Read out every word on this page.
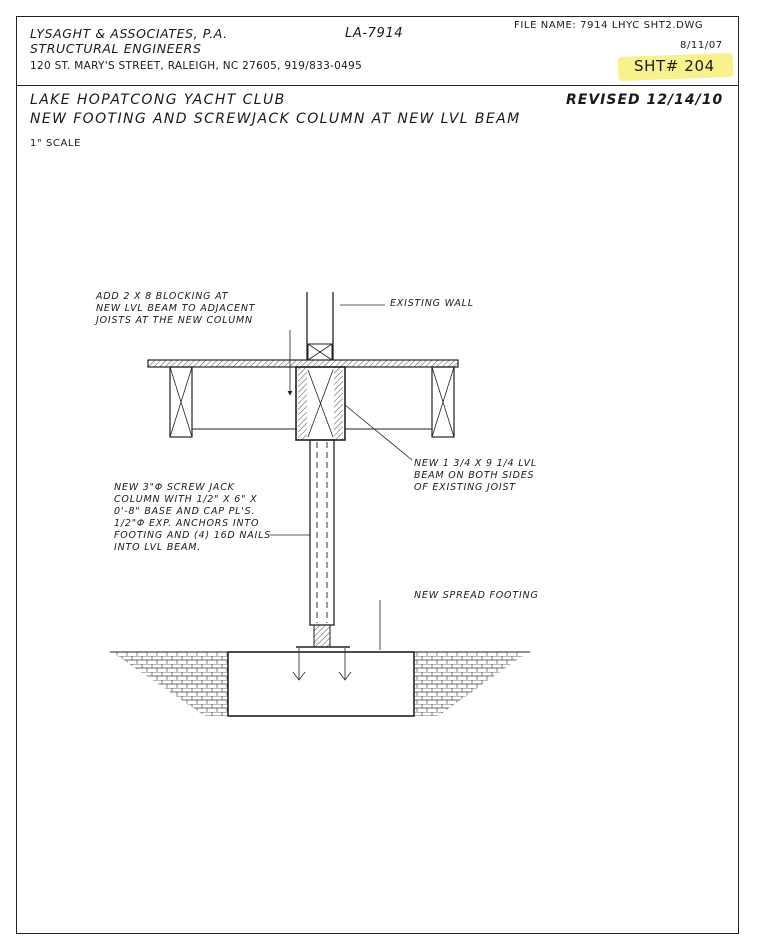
LYSAGHT & ASSOCIATES, P.A.
STRUCTURAL ENGINEERS
120 ST. MARY'S STREET, RALEIGH, NC 27605, 919/833-0495
LA-7914
FILE NAME: 7914 LHYC SHT2.DWG
8/11/07
SHT# 204
LAKE HOPATCONG YACHT CLUB
NEW FOOTING AND SCREWJACK COLUMN AT NEW LVL BEAM
REVISED 12/14/10
1" SCALE
ADD 2 X 8 BLOCKING AT
NEW LVL BEAM TO ADJACENT
JOISTS AT THE NEW COLUMN
EXISTING WALL
NEW 1 3/4 X 9 1/4 LVL
BEAM ON BOTH SIDES
OF EXISTING JOIST
NEW 3"Φ SCREW JACK
COLUMN WITH 1/2" X 6" X
0'-8" BASE AND CAP PL'S.
1/2"Φ EXP. ANCHORS INTO
FOOTING AND (4) 16D NAILS
INTO LVL BEAM.
NEW SPREAD FOOTING
